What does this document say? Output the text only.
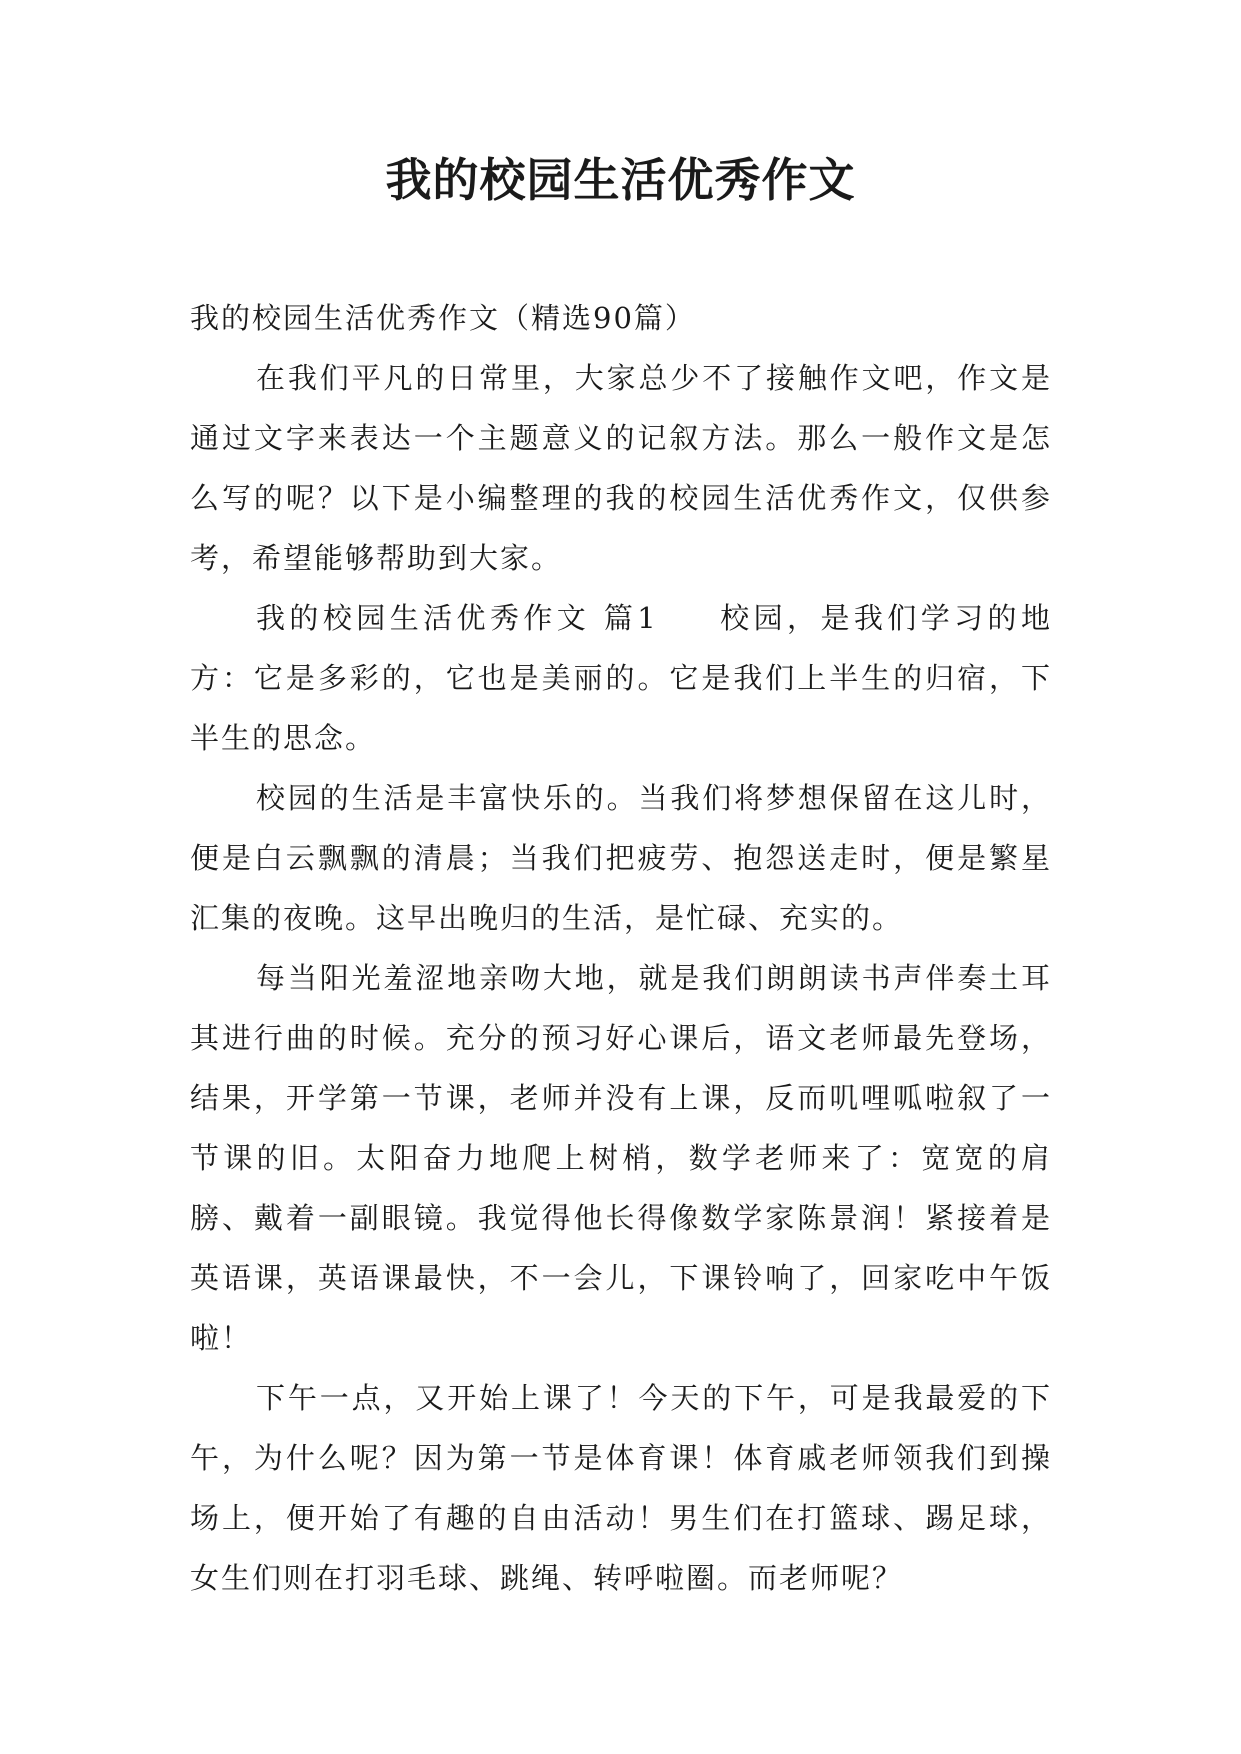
我的校园生活优秀作文

我的校园生活优秀作文（精选90篇）

在我们平凡的日常里，大家总少不了接触作文吧，作文是通过文字来表达一个主题意义的记叙方法。那么一般作文是怎么写的呢？以下是小编整理的我的校园生活优秀作文，仅供参考，希望能够帮助到大家。

我的校园生活优秀作文 篇1 校园，是我们学习的地方：它是多彩的，它也是美丽的。它是我们上半生的归宿，下半生的思念。

校园的生活是丰富快乐的。当我们将梦想保留在这儿时，便是白云飘飘的清晨；当我们把疲劳、抱怨送走时，便是繁星汇集的夜晚。这早出晚归的生活，是忙碌、充实的。

每当阳光羞涩地亲吻大地，就是我们朗朗读书声伴奏土耳其进行曲的时候。充分的预习好心课后，语文老师最先登场，结果，开学第一节课，老师并没有上课，反而叽哩呱啦叙了一节课的旧。太阳奋力地爬上树梢，数学老师来了：宽宽的肩膀、戴着一副眼镜。我觉得他长得像数学家陈景润！紧接着是英语课，英语课最快，不一会儿，下课铃响了，回家吃中午饭啦！

下午一点，又开始上课了！今天的下午，可是我最爱的下午，为什么呢？因为第一节是体育课！体育戚老师领我们到操场上，便开始了有趣的自由活动！男生们在打篮球、踢足球，女生们则在打羽毛球、跳绳、转呼啦圈。而老师呢？
